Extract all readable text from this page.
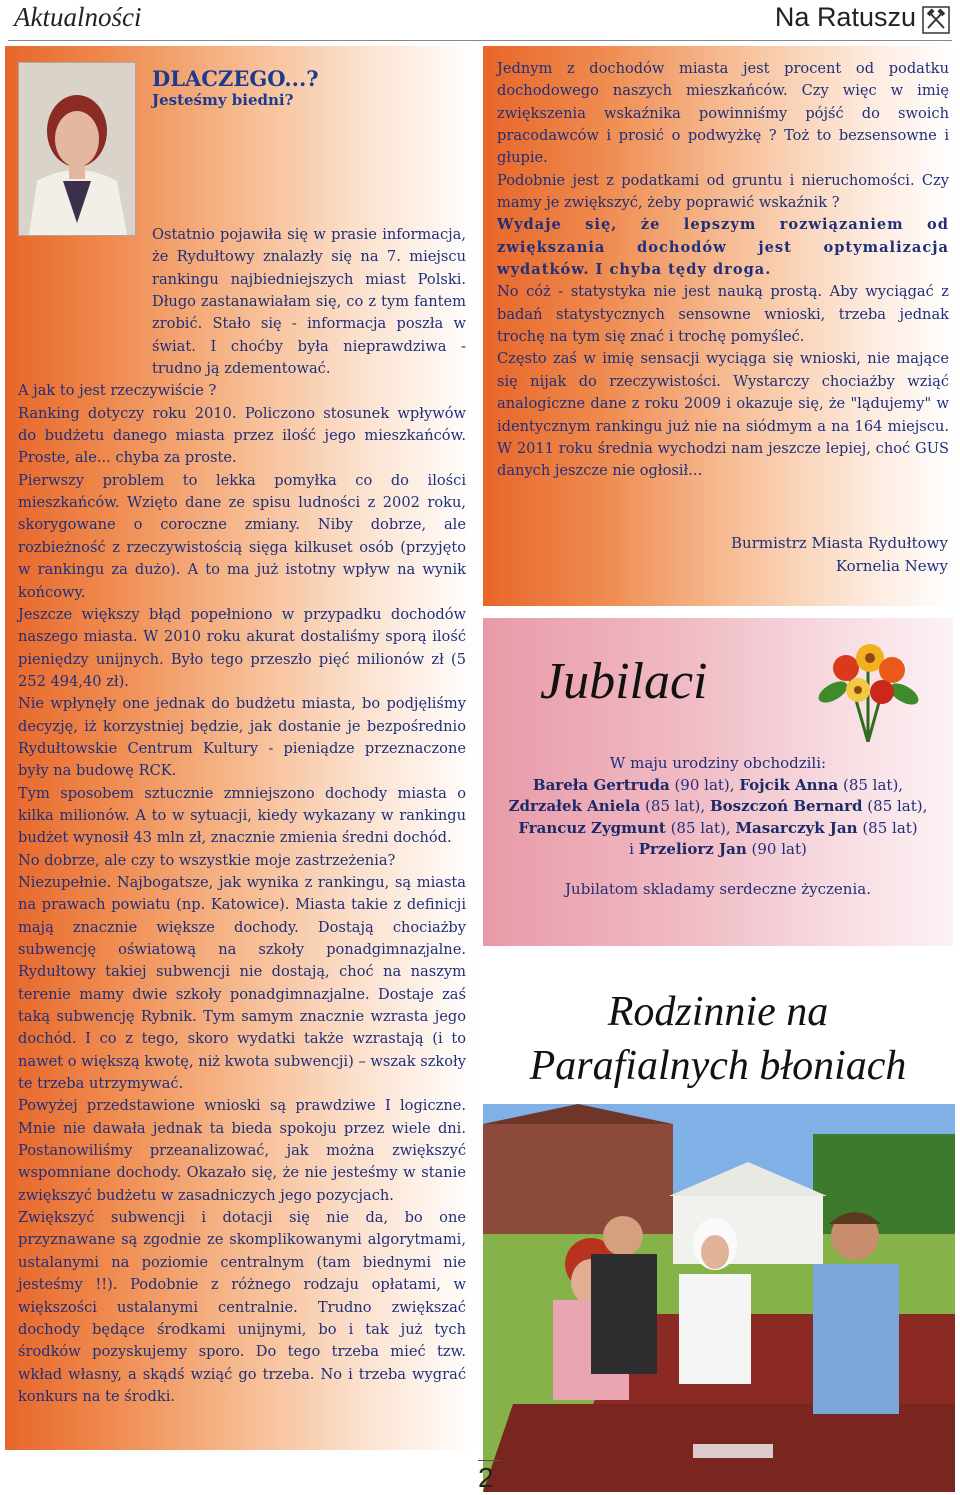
Aktualności	Na Ratuszu
DLACZEGO...?
Jesteśmy biedni?

Ostatnio pojawiła się w prasie informacja, że Rydułtowy znalazły się na 7. miejscu rankingu najbiedniejszych miast Polski. Długo zastanawiałam się, co z tym fantem zrobić. Stało się - informacja poszła w świat. I choćby była nieprawdziwa - trudno ją zdementować.

A jak to jest rzeczywiście ?

Ranking dotyczy roku 2010. Policzono stosunek wpływów do budżetu danego miasta przez ilość jego mieszkańców. Proste, ale... chyba za proste.

Pierwszy problem to lekka pomyłka co do ilości mieszkańców. Wzięto dane ze spisu ludności z 2002 roku, skorygowane o coroczne zmiany. Niby dobrze, ale rozbieżność z rzeczywistością sięga kilkuset osób (przyjęto w rankingu za dużo). A to ma już istotny wpływ na wynik końcowy.

Jeszcze większy błąd popełniono w przypadku dochodów naszego miasta. W 2010 roku akurat dostaliśmy sporą ilość pieniędzy unijnych. Było tego przeszło pięć milionów zł (5 252 494,40 zł).

Nie wpłynęły one jednak do budżetu miasta, bo podjęliśmy decyzję, iż korzystniej będzie, jak dostanie je bezpośrednio Rydułtowskie Centrum Kultury - pieniądze przeznaczone były na budowę RCK.

Tym sposobem sztucznie zmniejszono dochody miasta o kilka milionów. A to w sytuacji, kiedy wykazany w rankingu budżet wynosił 43 mln zł, znacznie zmienia średni dochód.

No dobrze, ale czy to wszystkie moje zastrzeżenia?

Niezupełnie. Najbogatsze, jak wynika z rankingu, są miasta na prawach powiatu (np. Katowice). Miasta takie z definicji mają znacznie większe dochody. Dostają chociażby subwencję oświatową na szkoły ponadgimnazjalne. Rydułtowy takiej subwencji nie dostają, choć na naszym terenie mamy dwie szkoły ponadgimnazjalne. Dostaje zaś taką subwencję Rybnik. Tym samym znacznie wzrasta jego dochód. I co z tego, skoro wydatki także wzrastają (i to nawet o większą kwotę, niż kwota subwencji) – wszak szkoły te trzeba utrzymywać.

Powyżej przedstawione wnioski są prawdziwe I logiczne. Mnie nie dawała jednak ta bieda spokoju przez wiele dni. Postanowiliśmy przeanalizować, jak można zwiększyć wspomniane dochody. Okazało się, że nie jesteśmy w stanie zwiększyć budżetu w zasadniczych jego pozycjach.

Zwiększyć subwencji i dotacji się nie da, bo one przyznawane są zgodnie ze skomplikowanymi algorytmami, ustalanymi na poziomie centralnym (tam biednymi nie jesteśmy !!). Podobnie z różnego rodzaju opłatami, w większości ustalanymi centralnie. Trudno zwiększać dochody będące środkami unijnymi, bo i tak już tych środków pozyskujemy sporo. Do tego trzeba mieć tzw. wkład własny, a skądś wziąć go trzeba. No i trzeba wygrać konkurs na te środki.

Jednym z dochodów miasta jest procent od podatku dochodowego naszych mieszkańców. Czy więc w imię zwiększenia wskaźnika powinniśmy pójść do swoich pracodawców i prosić o podwyżkę ? Toż to bezsensowne i głupie.

Podobnie jest z podatkami od gruntu i nieruchomości. Czy mamy je zwiększyć, żeby poprawić wskaźnik ?

Wydaje się, że lepszym rozwiązaniem od zwiększania dochodów jest optymalizacja wydatków. I chyba tędy droga.

No cóż - statystyka nie jest nauką prostą. Aby wyciągać z badań statystycznych sensowne wnioski, trzeba jednak trochę na tym się znać i trochę pomyśleć.

Często zaś w imię sensacji wyciąga się wnioski, nie mające się nijak do rzeczywistości. Wystarczy chociażby wziąć analogiczne dane z roku 2009 i okazuje się, że "lądujemy" w identycznym rankingu już nie na siódmym a na 164 miejscu. W 2011 roku średnia wychodzi nam jeszcze lepiej, choć GUS danych jeszcze nie ogłosił...

Burmistrz Miasta Rydułtowy
Kornelia Newy
Jubilaci
W maju urodziny obchodzili:
Bareła Gertruda (90 lat), Fojcik Anna (85 lat),
Zdrzałek Aniela (85 lat), Boszczoń Bernard (85 lat),
Francuz Zygmunt (85 lat), Masarczyk Jan (85 lat)
i Przeliorz Jan (90 lat)
Jubilatom skladamy serdeczne życzenia.
Rodzinnie na
Parafialnych błoniach
2
